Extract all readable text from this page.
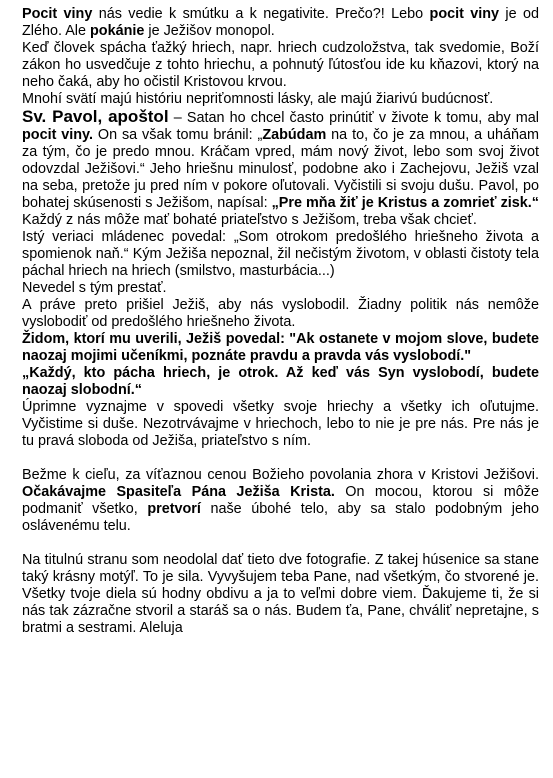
Pocit viny nás vedie k smútku a k negativite. Prečo?! Lebo pocit viny je od Zlého. Ale pokánie je Ježišov monopol.

Keď človek spácha ťažký hriech, napr. hriech cudzoložstva, tak svedomie, Boží zákon ho usvedčuje z tohto hriechu, a pohnutý ľútosťou ide ku kňazovi, ktorý na neho čaká, aby ho očistil Kristovou krvou.

Mnohí svätí majú históriu nepriťomnosti lásky, ale majú žiarivú budúcnosť.

Sv. Pavol, apoštol – Satan ho chcel často prinútiť v živote k tomu, aby mal pocit viny. On sa však tomu bránil: „Zabúdam na to, čo je za mnou, a uháňam za tým, čo je predo mnou. Kráčam vpred, mám nový život, lebo som svoj život odovzdal Ježišovi.“ Jeho hriešnu minulosť, podobne ako i Zachejovu, Ježiš vzal na seba, pretože ju pred ním v pokore oľutovali. Vyčistili si svoju dušu. Pavol, po bohatej skúsenosti s Ježišom, napísal: „Pre mňa žiť je Kristus a zomrieť zisk.“ Každý z nás môže mať bohaté priateľstvo s Ježišom, treba však chcieť.

Istý veriaci mládenec povedal: „Som otrokom predošlého hriešneho života a spomienok naň.“ Kým Ježiša nepoznal, žil nečistým životom, v oblasti čistoty tela páchal hriech na hriech (smilstvo, masturbácia...)

Nevedel s tým prestať.

A práve preto prišiel Ježiš, aby nás vyslobodil. Žiadny politik nás nemôže vyslobodiť od predošlého hriešneho života.

Židom, ktorí mu uverili, Ježiš povedal: "Ak ostanete v mojom slove, budete naozaj mojimi učeníkmi, poznáte pravdu a pravda vás vyslobodí."

„Každý, kto pácha hriech, je otrok. Až keď vás Syn vyslobodí, budete naozaj slobodní.“

Úprimne vyznajme v spovedi všetky svoje hriechy a všetky ich oľutujme. Vyčistime si duše. Nezotrvávajme v hriechoch, lebo to nie je pre nás. Pre nás je tu pravá sloboda od Ježiša, priateľstvo s ním.

Bežme k cieľu, za víťaznou cenou Božieho povolania zhora v Kristovi Ježišovi. Očakávajme Spasiteľa Pána Ježiša Krista. On mocou, ktorou si môže podmaniť všetko, pretvorí naše úbohé telo, aby sa stalo podobným jeho oslávenému telu.

Na titulnú stranu som neodolal dať tieto dve fotografie. Z takej húsenice sa stane taký krásny motýľ. To je sila. Vyvyšujem teba Pane, nad všetkým, čo stvorené je. Všetky tvoje diela sú hodny obdivu a ja to veľmi dobre viem. Ďakujeme ti, že si nás tak zázračne stvoril a staráš sa o nás. Budem ťa, Pane, chváliť nepretajne, s bratmi a sestrami. Aleluja
